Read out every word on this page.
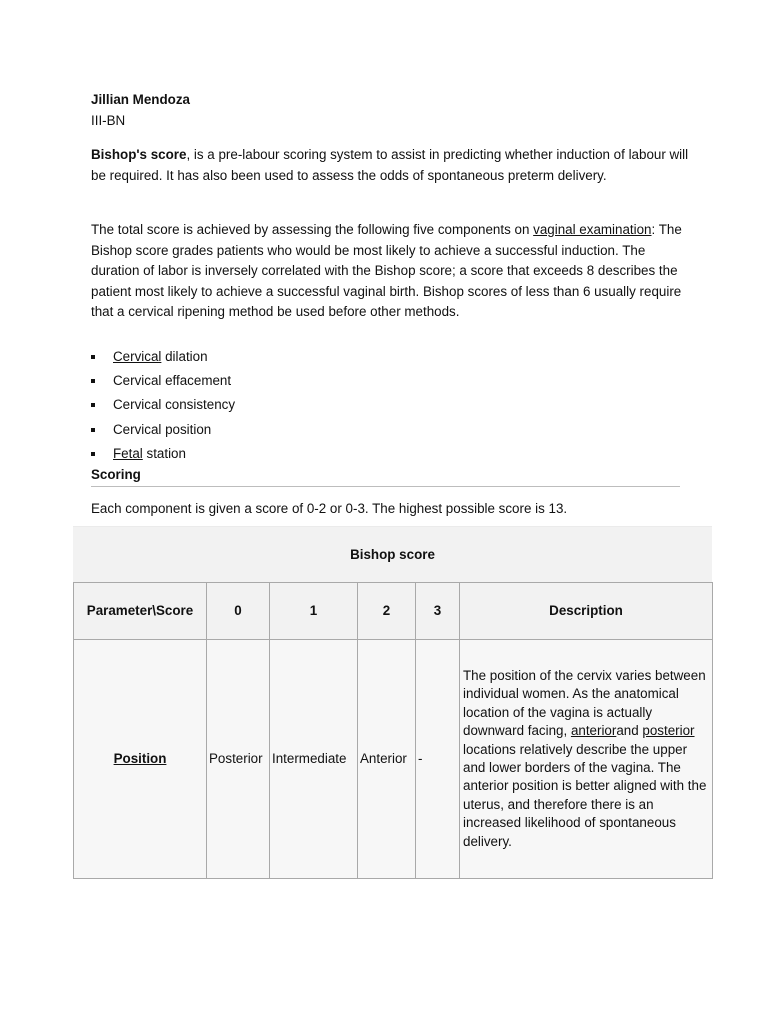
Jillian Mendoza
III-BN

Bishop's score, is a pre-labour scoring system to assist in predicting whether induction of labour will be required. It has also been used to assess the odds of spontaneous preterm delivery.

The total score is achieved by assessing the following five components on vaginal examination: The Bishop score grades patients who would be most likely to achieve a successful induction. The duration of labor is inversely correlated with the Bishop score; a score that exceeds 8 describes the patient most likely to achieve a successful vaginal birth. Bishop scores of less than 6 usually require that a cervical ripening method be used before other methods.

Cervical dilation
Cervical effacement
Cervical consistency
Cervical position
Fetal station
Scoring

Each component is given a score of 0-2 or 0-3. The highest possible score is 13.

Bishop score
Parameter\Score	0	1	2	3	Description
Position	Posterior	Intermediate	Anterior	-	The position of the cervix varies between individual women. As the anatomical location of the vagina is actually downward facing, anteriorand posterior locations relatively describe the upper and lower borders of the vagina. The anterior position is better aligned with the uterus, and therefore there is an increased likelihood of spontaneous delivery.
